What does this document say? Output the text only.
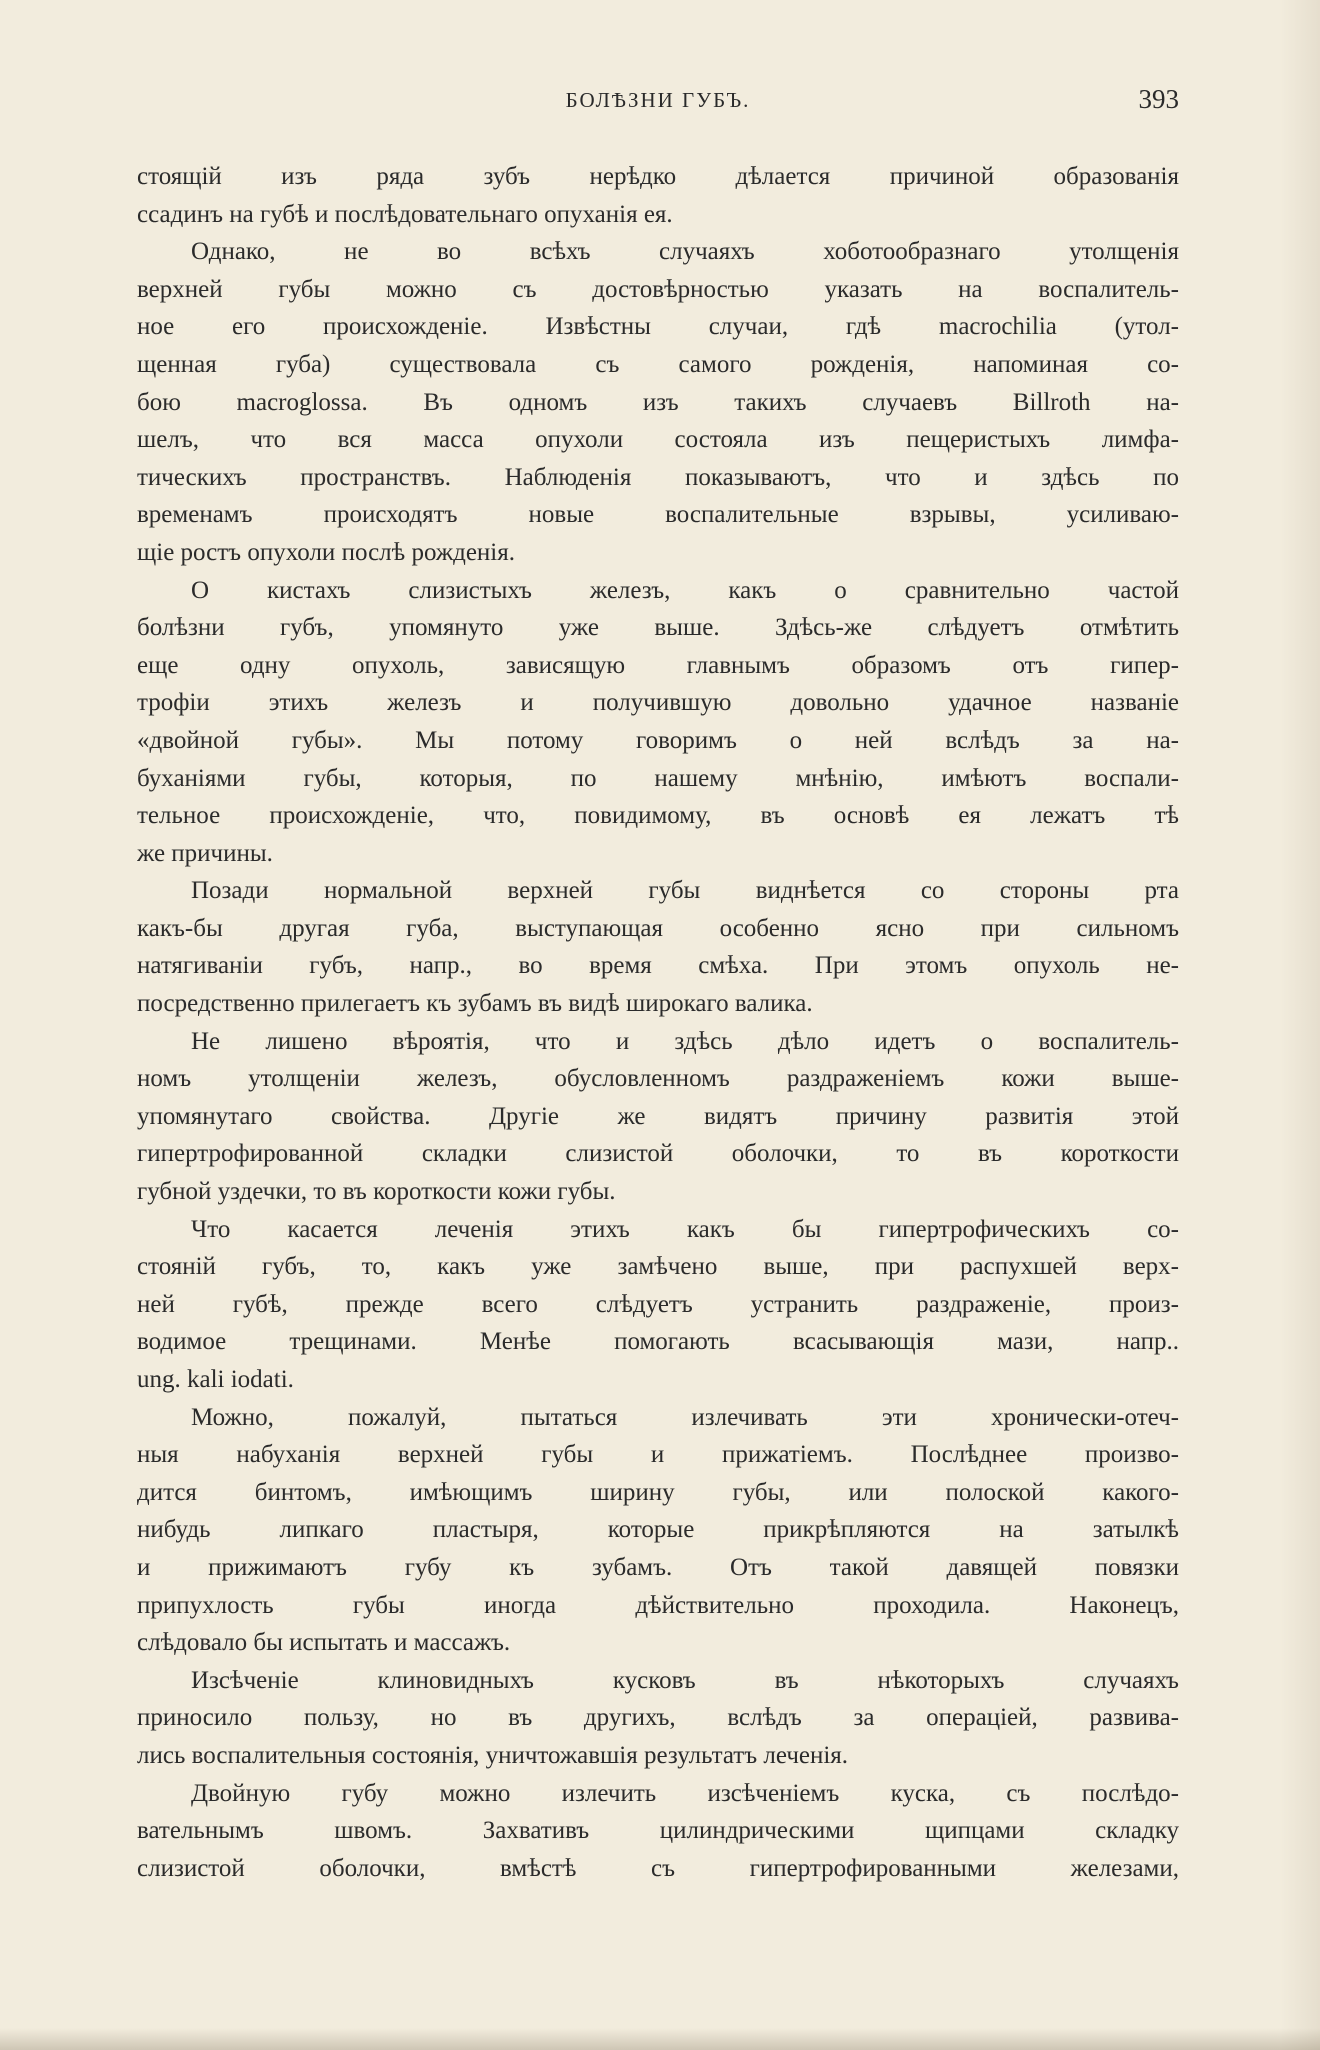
БОЛѢЗНИ ГУБЪ.	393
стоящій изъ ряда зубъ нерѣдко дѣлается причиной образованія
ссадинъ на губѣ и послѣдовательнаго опуханія ея.
Однако, не во всѣхъ случаяхъ хоботообразнаго утолщенія
верхней губы можно съ достовѣрностью указать на воспалитель-
ное его происхожденіе. Извѣстны случаи, гдѣ macrochilia (утол-
щенная губа) существовала съ самого рожденія, напоминая со-
бою macroglossa. Въ одномъ изъ такихъ случаевъ Billroth на-
шелъ, что вся масса опухоли состояла изъ пещеристыхъ лимфа-
тическихъ пространствъ. Наблюденія показываютъ, что и здѣсь по
временамъ происходятъ новые воспалительные взрывы, усиливаю-
щіе ростъ опухоли послѣ рожденія.
О кистахъ слизистыхъ железъ, какъ о сравнительно частой
болѣзни губъ, упомянуто уже выше. Здѣсь-же слѣдуетъ отмѣтить
еще одну опухоль, зависящую главнымъ образомъ отъ гипер-
трофіи этихъ железъ и получившую довольно удачное названіе
«двойной губы». Мы потому говоримъ о ней вслѣдъ за на-
буханіями губы, которыя, по нашему мнѣнію, имѣютъ воспали-
тельное происхожденіе, что, повидимому, въ основѣ ея лежатъ тѣ
же причины.
Позади нормальной верхней губы виднѣется со стороны рта
какъ-бы другая губа, выступающая особенно ясно при сильномъ
натягиваніи губъ, напр., во время смѣха. При этомъ опухоль не-
посредственно прилегаетъ къ зубамъ въ видѣ широкаго валика.
Не лишено вѣроятія, что и здѣсь дѣло идетъ о воспалитель-
номъ утолщеніи железъ, обусловленномъ раздраженіемъ кожи выше-
упомянутаго свойства. Другіе же видятъ причину развитія этой
гипертрофированной складки слизистой оболочки, то въ короткости
губной уздечки, то въ короткости кожи губы.
Что касается леченія этихъ какъ бы гипертрофическихъ со-
стояній губъ, то, какъ уже замѣчено выше, при распухшей верх-
ней губѣ, прежде всего слѣдуетъ устранить раздраженіе, произ-
водимое трещинами. Менѣе помогають всасывающія мази, напр..
ung. kali iodati.
Можно, пожалуй, пытаться излечивать эти хронически-отеч-
ныя набуханія верхней губы и прижатіемъ. Послѣднее произво-
дится бинтомъ, имѣющимъ ширину губы, или полоской какого-
нибудь липкаго пластыря, которые прикрѣпляются на затылкѣ
и прижимаютъ губу къ зубамъ. Отъ такой давящей повязки
припухлость губы иногда дѣйствительно проходила. Наконецъ,
слѣдовало бы испытать и массажъ.
Изсѣченіе клиновидныхъ кусковъ въ нѣкоторыхъ случаяхъ
приносило пользу, но въ другихъ, вслѣдъ за операціей, развива-
лись воспалительныя состоянія, уничтожавшія результатъ леченія.
Двойную губу можно излечить изсѣченіемъ куска, съ послѣдо-
вательнымъ швомъ. Захвативъ цилиндрическими щипцами складку
слизистой оболочки, вмѣстѣ съ гипертрофированными железами,
